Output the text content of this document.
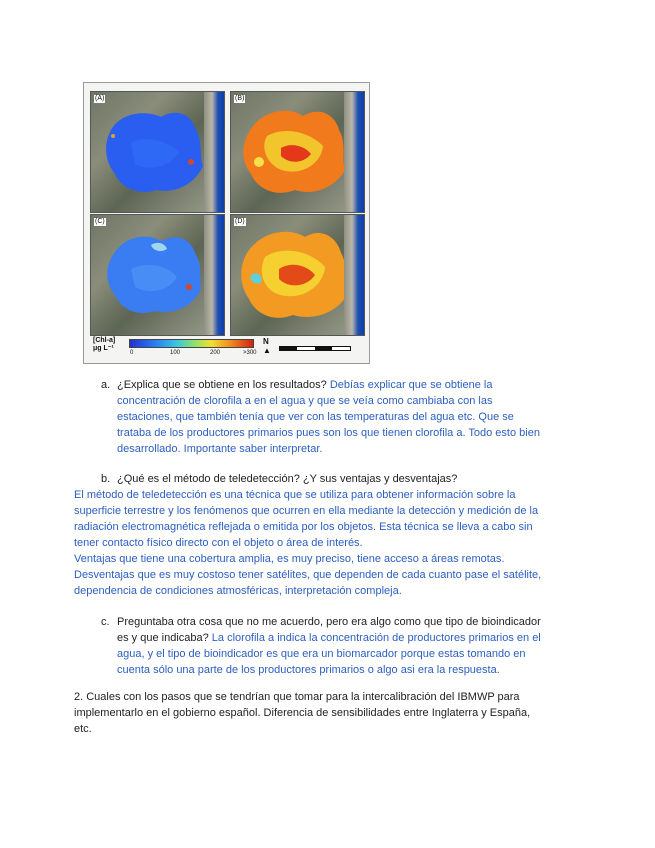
(A)	(B)
(C)	(D)
[Chl-a]
μg L⁻¹
0	100	200	>300
N
▲
a. ¿Explica que se obtiene en los resultados? Debías explicar que se obtiene la
concentración de clorofila a en el agua y que se veía como cambiaba con las
estaciones, que también tenía que ver con las temperaturas del agua etc. Que se
trataba de los productores primarios pues son los que tienen clorofila a. Todo esto bien
desarrollado. Importante saber interpretar.
b. ¿Qué es el método de teledetección? ¿Y sus ventajas y desventajas?
El método de teledetección es una técnica que se utiliza para obtener información sobre la
superficie terrestre y los fenómenos que ocurren en ella mediante la detección y medición de la
radiación electromagnética reflejada o emitida por los objetos. Esta técnica se lleva a cabo sin
tener contacto físico directo con el objeto o área de interés.
Ventajas que tiene una cobertura amplia, es muy preciso, tiene acceso a áreas remotas.
Desventajas que es muy costoso tener satélites, que dependen de cada cuanto pase el satélite,
dependencia de condiciones atmosféricas, interpretación compleja.
c. Preguntaba otra cosa que no me acuerdo, pero era algo como que tipo de bioindicador
es y que indicaba? La clorofila a indica la concentración de productores primarios en el
agua, y el tipo de bioindicador es que era un biomarcador porque estas tomando en
cuenta sólo una parte de los productores primarios o algo asi era la respuesta.
2. Cuales con los pasos que se tendrían que tomar para la intercalibración del IBMWP para
implementarlo en el gobierno español. Diferencia de sensibilidades entre Inglaterra y España,
etc.
